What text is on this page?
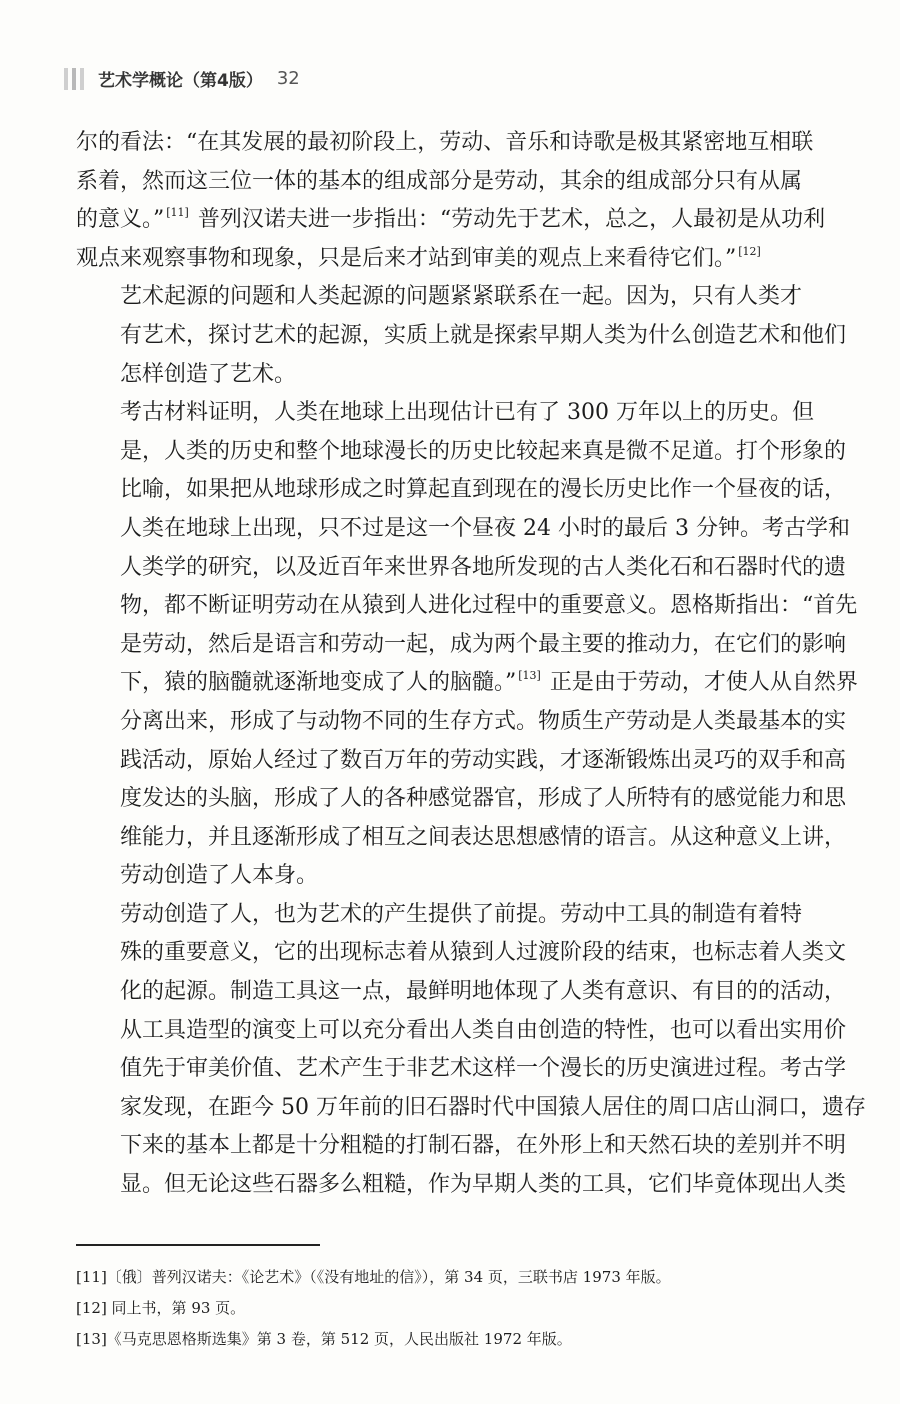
艺术学概论（第4版） 32

尔的看法：“在其发展的最初阶段上，劳动、音乐和诗歌是极其紧密地互相联
系着，然而这三位一体的基本的组成部分是劳动，其余的组成部分只有从属
的意义。” [11] 普列汉诺夫进一步指出：“劳动先于艺术，总之，人最初是从功利
观点来观察事物和现象，只是后来才站到审美的观点上来看待它们。” [12]

艺术起源的问题和人类起源的问题紧紧联系在一起。因为，只有人类才
有艺术，探讨艺术的起源，实质上就是探索早期人类为什么创造艺术和他们
怎样创造了艺术。

考古材料证明，人类在地球上出现估计已有了 300 万年以上的历史。但
是，人类的历史和整个地球漫长的历史比较起来真是微不足道。打个形象的
比喻，如果把从地球形成之时算起直到现在的漫长历史比作一个昼夜的话，
人类在地球上出现，只不过是这一个昼夜 24 小时的最后 3 分钟。考古学和
人类学的研究，以及近百年来世界各地所发现的古人类化石和石器时代的遗
物，都不断证明劳动在从猿到人进化过程中的重要意义。恩格斯指出：“首先
是劳动，然后是语言和劳动一起，成为两个最主要的推动力，在它们的影响
下，猿的脑髓就逐渐地变成了人的脑髓。” [13] 正是由于劳动，才使人从自然界
分离出来，形成了与动物不同的生存方式。物质生产劳动是人类最基本的实
践活动，原始人经过了数百万年的劳动实践，才逐渐锻炼出灵巧的双手和高
度发达的头脑，形成了人的各种感觉器官，形成了人所特有的感觉能力和思
维能力，并且逐渐形成了相互之间表达思想感情的语言。从这种意义上讲，
劳动创造了人本身。

劳动创造了人，也为艺术的产生提供了前提。劳动中工具的制造有着特
殊的重要意义，它的出现标志着从猿到人过渡阶段的结束，也标志着人类文
化的起源。制造工具这一点，最鲜明地体现了人类有意识、有目的的活动，
从工具造型的演变上可以充分看出人类自由创造的特性，也可以看出实用价
值先于审美价值、艺术产生于非艺术这样一个漫长的历史演进过程。考古学
家发现，在距今 50 万年前的旧石器时代中国猿人居住的周口店山洞口，遗存
下来的基本上都是十分粗糙的打制石器，在外形上和天然石块的差别并不明
显。但无论这些石器多么粗糙，作为早期人类的工具，它们毕竟体现出人类

[11]〔俄〕普列汉诺夫：《论艺术》（《没有地址的信》），第 34 页，三联书店 1973 年版。
[12] 同上书，第 93 页。
[13]《马克思恩格斯选集》第 3 卷，第 512 页，人民出版社 1972 年版。
